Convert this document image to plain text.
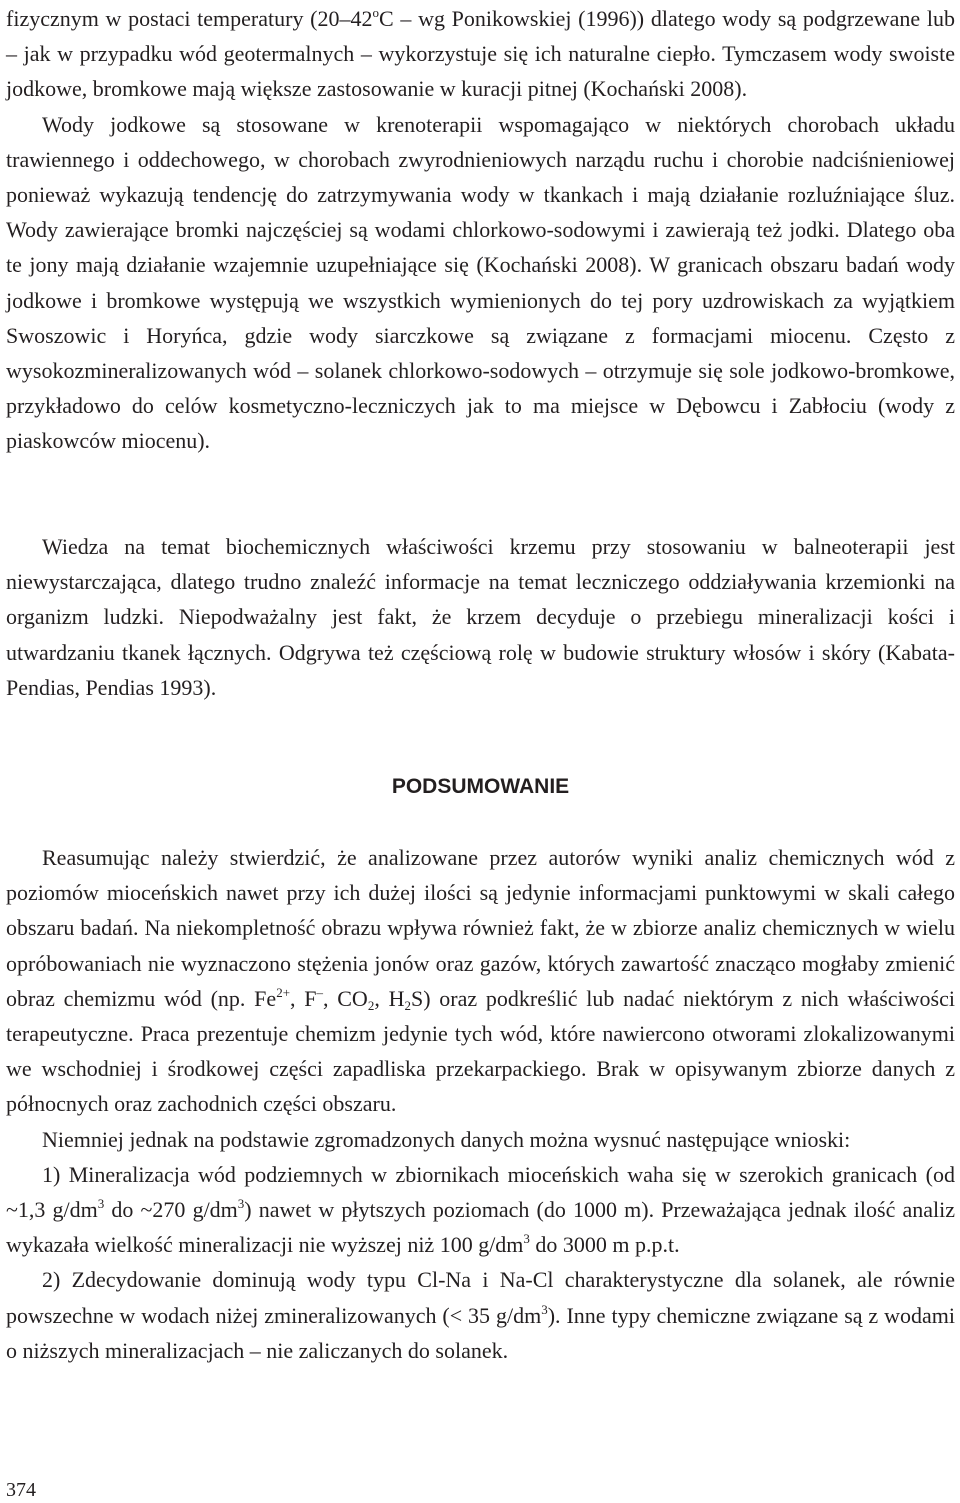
fizycznym w postaci temperatury (20–42$^o$C – wg Ponikowskiej (1996)) dlatego wody są podgrzewane lub – jak w przypadku wód geotermalnych – wykorzystuje się ich naturalne ciepło. Tymczasem wody swoiste jodkowe, bromkowe mają większe zastosowanie w kuracji pitnej (Kochański 2008).

Wody jodkowe są stosowane w krenoterapii wspomagająco w niektórych chorobach układu trawiennego i oddechowego, w chorobach zwyrodnieniowych narządu ruchu i chorobie nadciśnieniowej ponieważ wykazują tendencję do zatrzymywania wody w tkankach i mają działanie rozluźniające śluz. Wody zawierające bromki najczęściej są wodami chlorkowo-sodowymi i zawierają też jodki. Dlatego oba te jony mają działanie wzajemnie uzupełniające się (Kochański 2008). W granicach obszaru badań wody jodkowe i bromkowe występują we wszystkich wymienionych do tej pory uzdrowiskach za wyjątkiem Swoszowic i Horyńca, gdzie wody siarczkowe są związane z formacjami miocenu. Często z wysokozmineralizowanych wód – solanek chlorkowo-sodowych – otrzymuje się sole jodkowo-bromkowe, przykładowo do celów kosmetyczno-leczniczych jak to ma miejsce w Dębowcu i Zabłociu (wody z piaskowców miocenu).

Wiedza na temat biochemicznych właściwości krzemu przy stosowaniu w balneoterapii jest niewystarczająca, dlatego trudno znaleźć informacje na temat leczniczego oddziaływania krzemionki na organizm ludzki. Niepodważalny jest fakt, że krzem decyduje o przebiegu mineralizacji kości i utwardzaniu tkanek łącznych. Odgrywa też częściową rolę w budowie struktury włosów i skóry (Kabata-Pendias, Pendias 1993).

PODSUMOWANIE

Reasumując należy stwierdzić, że analizowane przez autorów wyniki analiz chemicznych wód z poziomów mioceńskich nawet przy ich dużej ilości są jedynie informacjami punktowymi w skali całego obszaru badań. Na niekompletność obrazu wpływa również fakt, że w zbiorze analiz chemicznych w wielu opróbowaniach nie wyznaczono stężenia jonów oraz gazów, których zawartość znacząco mogłaby zmienić obraz chemizmu wód (np. $Fe^{2+}$, F–, $CO_2$, $H_2S$) oraz podkreślić lub nadać niektórym z nich właściwości terapeutyczne. Praca prezentuje chemizm jedynie tych wód, które nawiercono otworami zlokalizowanymi we wschodniej i środkowej części zapadliska przekarpackiego. Brak w opisywanym zbiorze danych z północnych oraz zachodnich części obszaru.

Niemniej jednak na podstawie zgromadzonych danych można wysnuć następujące wnioski:

1) Mineralizacja wód podziemnych w zbiornikach mioceńskich waha się w szerokich granicach (od ~1,3 $g/dm^3$ do ~270 $g/dm^3$) nawet w płytszych poziomach (do 1000 m). Przeważająca jednak ilość analiz wykazała wielkość mineralizacji nie wyższej niż 100 $g/dm^3$ do 3000 m p.p.t.

2) Zdecydowanie dominują wody typu Cl-Na i Na-Cl charakterystyczne dla solanek, ale równie powszechne w wodach niżej zmineralizowanych (< 35 $g/dm^3$). Inne typy chemiczne związane są z wodami o niższych mineralizacjach – nie zaliczanych do solanek.

374
